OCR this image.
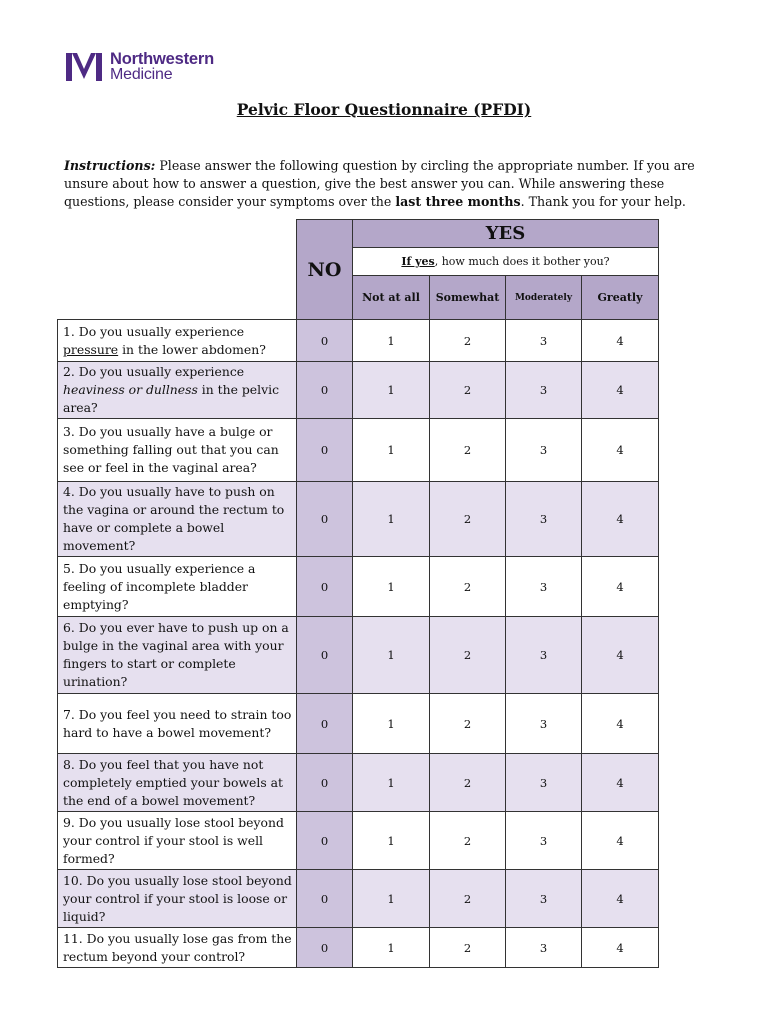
Northwestern
Medicine
Pelvic Floor Questionnaire (PFDI)
Instructions: Please answer the following question by circling the appropriate number. If you are unsure about how to answer a question, give the best answer you can. While answering these questions, please consider your symptoms over the last three months. Thank you for your help.
	NO	YES			
		If yes, how much does it bother you?			
		Not at all	Somewhat	Moderately	Greatly
1. Do you usually experience pressure in the lower abdomen?	0	1	2	3	4
2. Do you usually experience heaviness or dullness in the pelvic area?	0	1	2	3	4
3. Do you usually have a bulge or something falling out that you can see or feel in the vaginal area?	0	1	2	3	4
4. Do you usually have to push on the vagina or around the rectum to have or complete a bowel movement?	0	1	2	3	4
5. Do you usually experience a feeling of incomplete bladder emptying?	0	1	2	3	4
6. Do you ever have to push up on a bulge in the vaginal area with your fingers to start or complete urination?	0	1	2	3	4
7. Do you feel you need to strain too hard to have a bowel movement?	0	1	2	3	4
8. Do you feel that you have not completely emptied your bowels at the end of a bowel movement?	0	1	2	3	4
9. Do you usually lose stool beyond your control if your stool is well formed?	0	1	2	3	4
10. Do you usually lose stool beyond your control if your stool is loose or liquid?	0	1	2	3	4
11. Do you usually lose gas from the rectum beyond your control?	0	1	2	3	4
